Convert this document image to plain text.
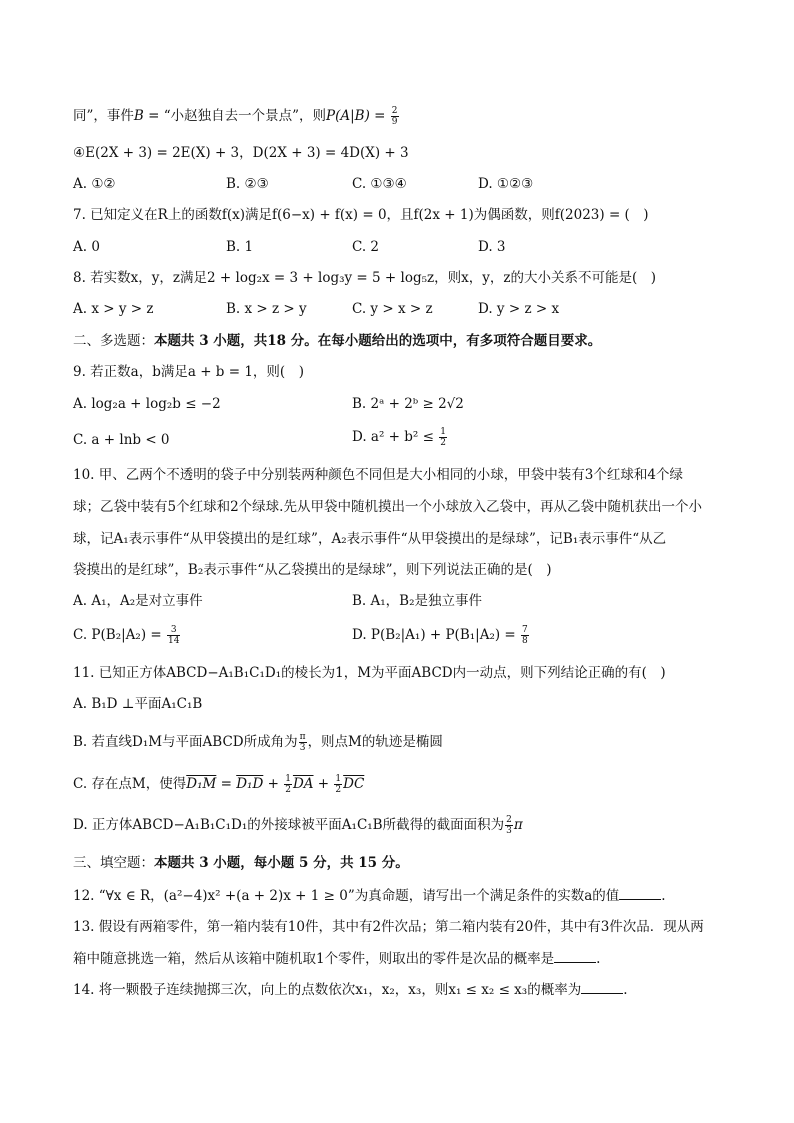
同”，事件B = “小赵独自去一个景点”，则$P(A|B) = \frac{2}{9}$
④E(2X + 3) = 2E(X) + 3，D(2X + 3) = 4D(X) + 3
A. ①②	B. ②③	C. ①③④	D. ①②③
7. 已知定义在R上的函数f(x)满足f(6−x) + f(x) = 0，且f(2x + 1)为偶函数，则f(2023) = (　)
A. 0	B. 1	C. 2	D. 3
8. 若实数x，y，z满足2 + log₂x = 3 + log₃y = 5 + log₅z，则x，y，z的大小关系不可能是(　)
A. x > y > z	B. x > z > y	C. y > x > z	D. y > z > x
二、多选题：本题共 3 小题，共18 分。在每小题给出的选项中，有多项符合题目要求。
9. 若正数a，b满足a + b = 1，则(　)
A. log₂a + log₂b ≤ −2	B. 2ᵃ + 2ᵇ ≥ 2√2
C. a + lnb < 0	D. $a^2 + b^2 \le \frac{1}{2}$
10. 甲、乙两个不透明的袋子中分别装两种颜色不同但是大小相同的小球，甲袋中装有3个红球和4个绿
球；乙袋中装有5个红球和2个绿球.先从甲袋中随机摸出一个小球放入乙袋中，再从乙袋中随机获出一个小
球，记A₁表示事件“从甲袋摸出的是红球”，A₂表示事件“从甲袋摸出的是绿球”，记B₁表示事件“从乙
袋摸出的是红球”，B₂表示事件“从乙袋摸出的是绿球”，则下列说法正确的是(　)
A. A₁，A₂是对立事件	B. A₁，B₂是独立事件
C. $P(B_2|A_2) = \frac{3}{14}$	D. $P(B_2|A_1) + P(B_1|A_2) = \frac{7}{8}$
11. 已知正方体ABCD−A₁B₁C₁D₁的棱长为1，M为平面ABCD内一动点，则下列结论正确的有(　)
A. B₁D ⊥平面A₁C₁B
B. 若直线D₁M与平面ABCD所成角为 $\frac{\pi}{3}$ ，则点M的轨迹是椭圆
C. 存在点M，使得$D_1M = D_1D + \frac{1}{2} \overline{DA} + \frac{1}{2} \overline{DC}$
D. 正方体ABCD−A₁B₁C₁D₁的外接球被平面A₁C₁B所截得的截面面积为 $\frac{2}{3}$ π
三、填空题：本题共 3 小题，每小题 5 分，共 15 分。
12. “∀x ∈ R，(a²−4)x² +(a + 2)x + 1 ≥ 0”为真命题，请写出一个满足条件的实数a的值	.
13. 假设有两箱零件，第一箱内装有10件，其中有2件次品；第二箱内装有20件，其中有3件次品．现从两
箱中随意挑选一箱，然后从该箱中随机取1个零件，则取出的零件是次品的概率是	.
14. 将一颗骰子连续抛掷三次，向上的点数依次x₁，x₂，x₃，则x₁ ≤ x₂ ≤ x₃的概率为	.
